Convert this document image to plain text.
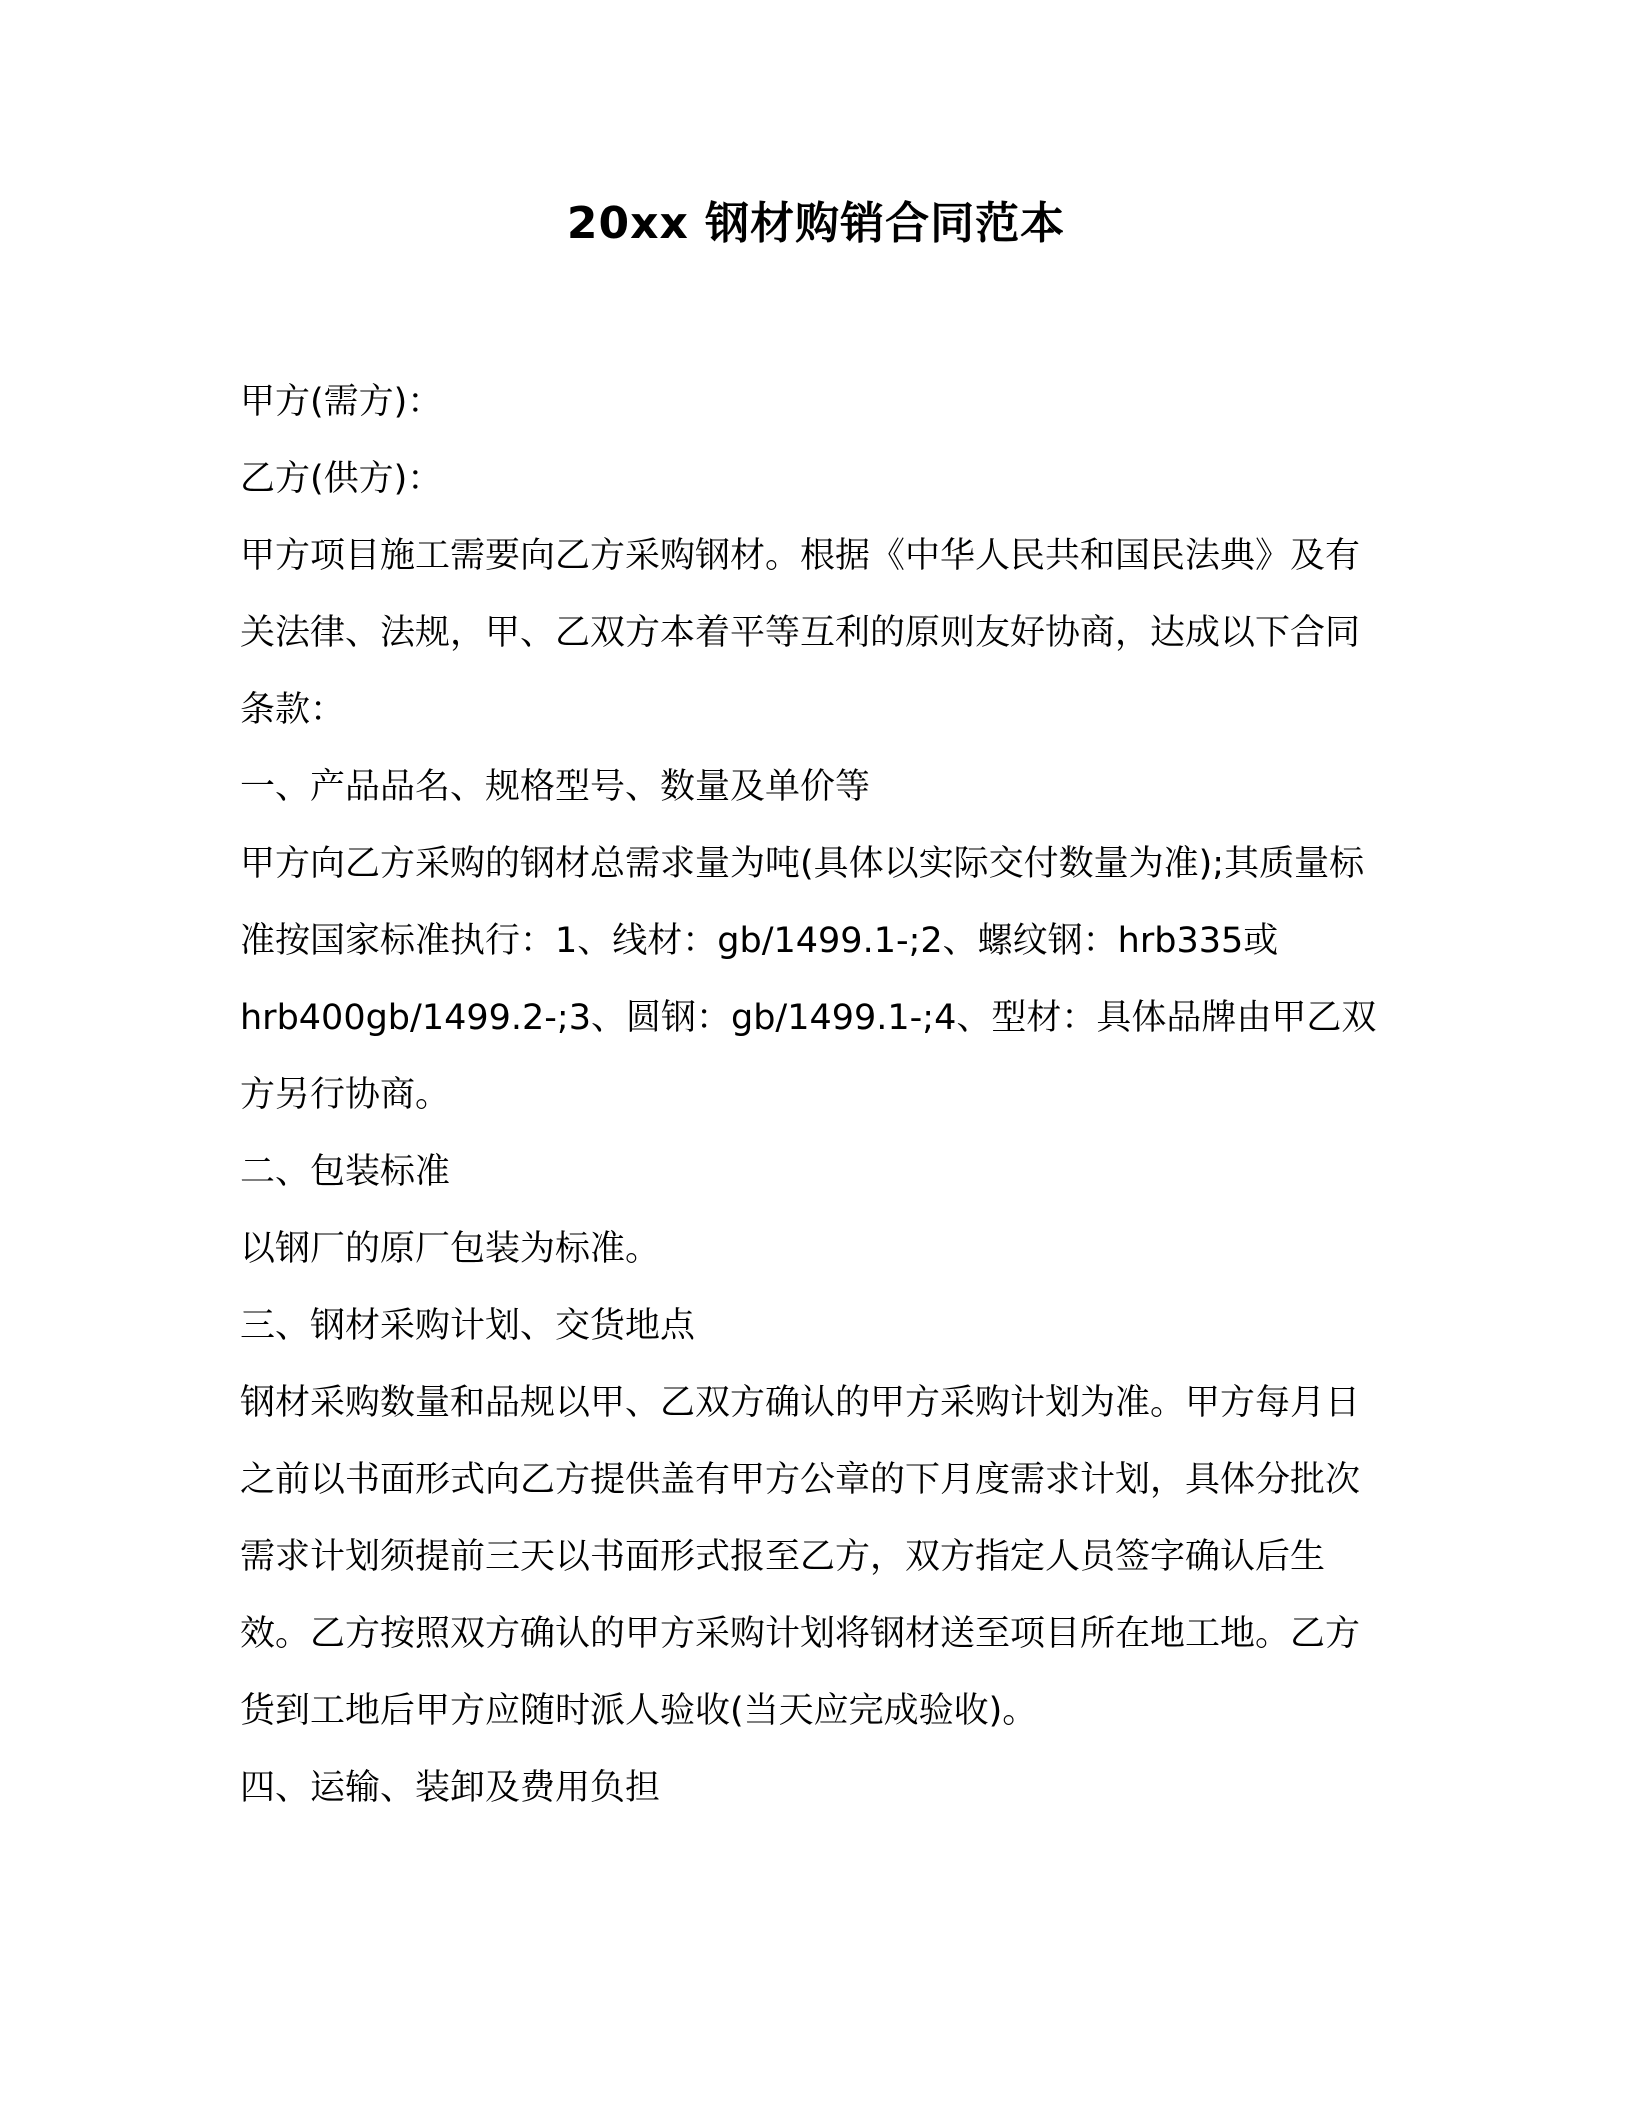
20xx 钢材购销合同范本

甲方(需方)：

乙方(供方)：

甲方项目施工需要向乙方采购钢材。根据《中华人民共和国民法典》及有关法律、法规，甲、乙双方本着平等互利的原则友好协商，达成以下合同条款：

一、产品品名、规格型号、数量及单价等

甲方向乙方采购的钢材总需求量为吨(具体以实际交付数量为准);其质量标准按国家标准执行：1、线材：gb/1499.1-;2、螺纹钢：hrb335或 hrb400gb/1499.2-;3、圆钢：gb/1499.1-;4、型材：具体品牌由甲乙双方另行协商。

二、包装标准

以钢厂的原厂包装为标准。

三、钢材采购计划、交货地点

钢材采购数量和品规以甲、乙双方确认的甲方采购计划为准。甲方每月日之前以书面形式向乙方提供盖有甲方公章的下月度需求计划，具体分批次需求计划须提前三天以书面形式报至乙方，双方指定人员签字确认后生效。乙方按照双方确认的甲方采购计划将钢材送至项目所在地工地。乙方货到工地后甲方应随时派人验收(当天应完成验收)。

四、运输、装卸及费用负担
